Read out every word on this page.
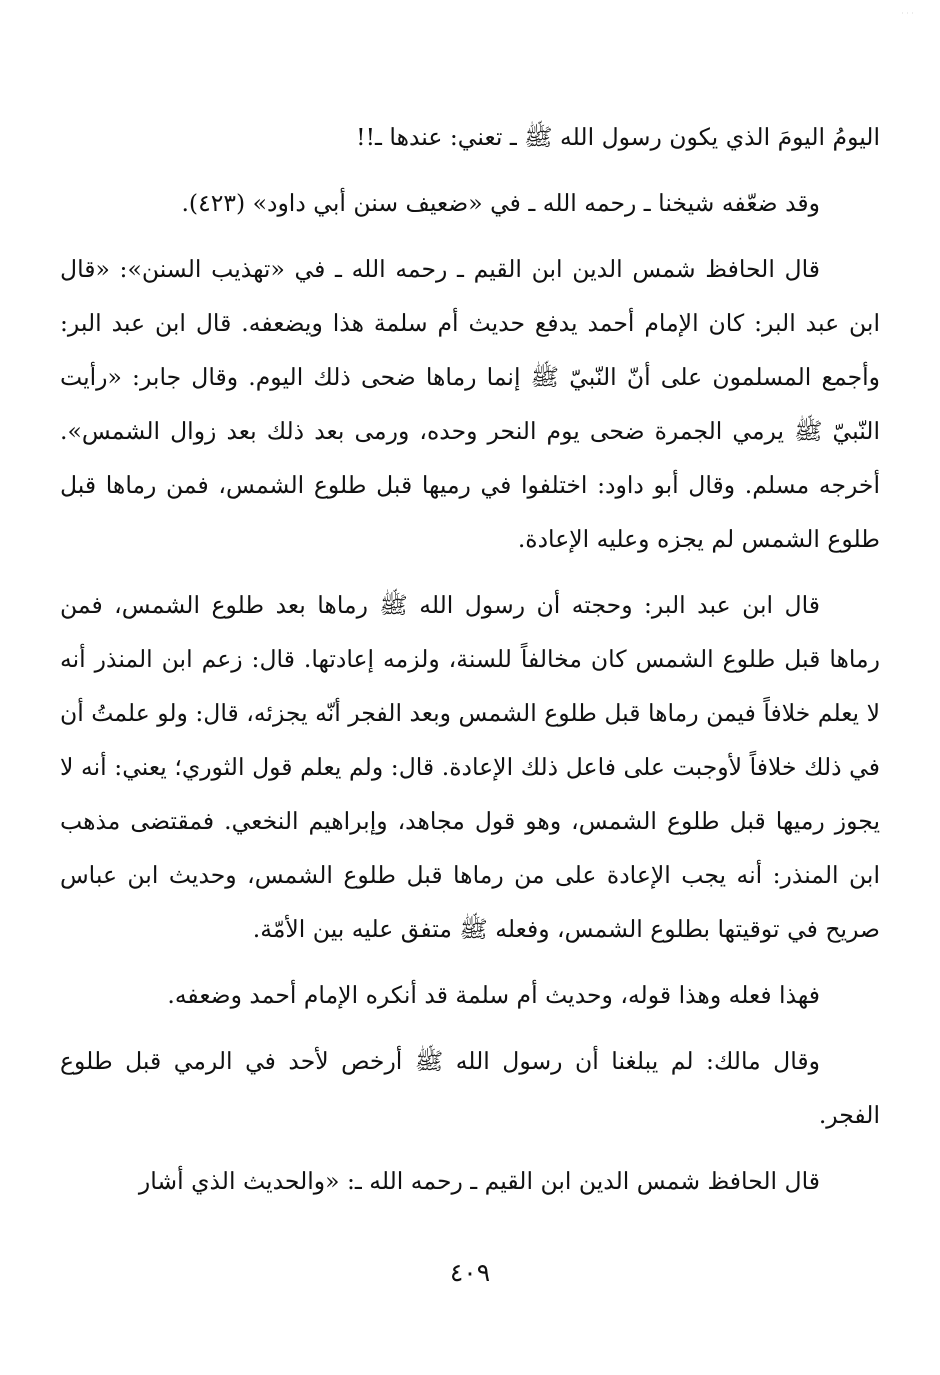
˙˙˙

اليومُ اليومَ الذي يكون رسول الله ﷺ ـ تعني: عندها ـ!!

وقد ضعّفه شيخنا ـ رحمه الله ـ في «ضعيف سنن أبي داود» (٤٢٣).

قال الحافظ شمس الدين ابن القيم ـ رحمه الله ـ في «تهذيب السنن»: «قال ابن عبد البر: كان الإمام أحمد يدفع حديث أم سلمة هذا ويضعفه. قال ابن عبد البر: وأجمع المسلمون على أنّ النّبيّ ﷺ إنما رماها ضحى ذلك اليوم. وقال جابر: «رأيت النّبيّ ﷺ يرمي الجمرة ضحى يوم النحر وحده، ورمى بعد ذلك بعد زوال الشمس». أخرجه مسلم. وقال أبو داود: اختلفوا في رميها قبل طلوع الشمس، فمن رماها قبل طلوع الشمس لم يجزه وعليه الإعادة.

قال ابن عبد البر: وحجته أن رسول الله ﷺ رماها بعد طلوع الشمس، فمن رماها قبل طلوع الشمس كان مخالفاً للسنة، ولزمه إعادتها. قال: زعم ابن المنذر أنه لا يعلم خلافاً فيمن رماها قبل طلوع الشمس وبعد الفجر أنّه يجزئه، قال: ولو علمتُ أن في ذلك خلافاً لأوجبت على فاعل ذلك الإعادة. قال: ولم يعلم قول الثوري؛ يعني: أنه لا يجوز رميها قبل طلوع الشمس، وهو قول مجاهد، وإبراهيم النخعي. فمقتضى مذهب ابن المنذر: أنه يجب الإعادة على من رماها قبل طلوع الشمس، وحديث ابن عباس صريح في توقيتها بطلوع الشمس، وفعله ﷺ متفق عليه بين الأمّة.

فهذا فعله وهذا قوله، وحديث أم سلمة قد أنكره الإمام أحمد وضعفه.

وقال مالك: لم يبلغنا أن رسول الله ﷺ أرخص لأحد في الرمي قبل طلوع الفجر.

قال الحافظ شمس الدين ابن القيم ـ رحمه الله ـ: «والحديث الذي أشار

٤٠٩
